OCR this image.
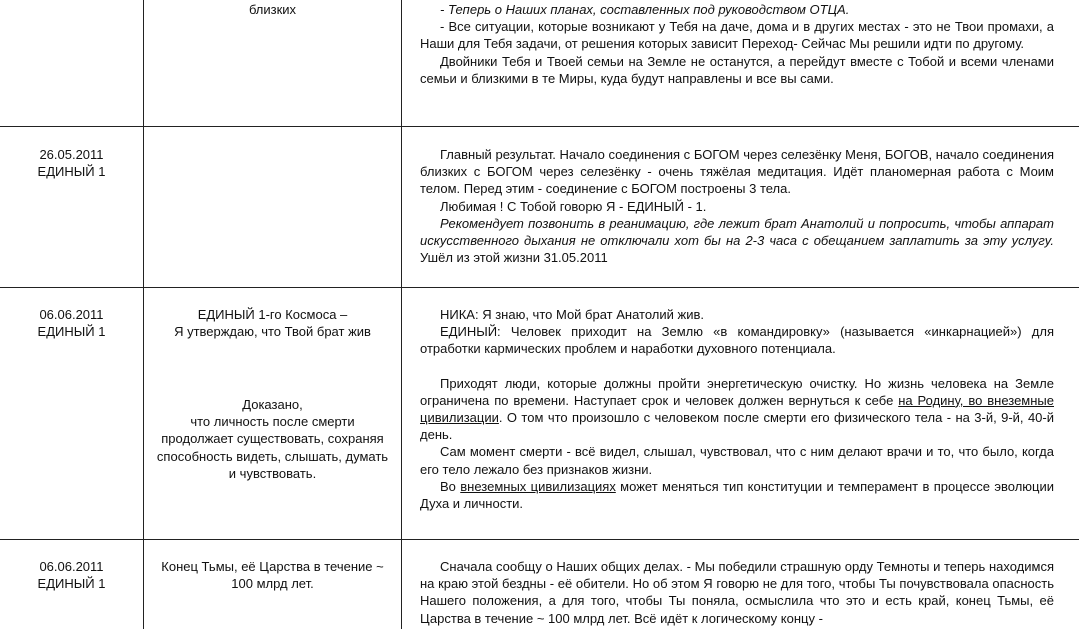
близких	- Теперь о Наших планах, составленных под руководством ОТЦА.
- Все ситуации, которые возникают у Тебя на даче, дома и в других местах - это не Твои промахи, а Наши для Тебя задачи, от решения которых зависит Переход- Сейчас Мы решили идти по другому.
Двойники Тебя и Твоей семьи на Земле не останутся, а перейдут вместе с Тобой и всеми членами семьи и близкими в те Миры, куда будут направлены и все вы сами.
26.05.2011
ЕДИНЫЙ 1
Главный результат. Начало соединения с БОГОМ через селезёнку Меня, БОГОВ, начало соединения близких с БОГОМ через селезёнку - очень тяжёлая медитация. Идёт планомерная работа с Моим телом. Перед этим - соединение с БОГОМ построены 3 тела.
Любимая ! С Тобой говорю Я - ЕДИНЫЙ - 1.
Рекомендует позвонить в реанимацию, где лежит брат Анатолий и попросить, чтобы аппарат искусственного дыхания не отключали хот бы на 2-3 часа с обещанием заплатить за эту услугу. Ушёл из этой жизни 31.05.2011
06.06.2011
ЕДИНЫЙ 1
ЕДИНЫЙ 1-го Космоса –
Я утверждаю, что Твой брат жив
Доказано,
что личность после смерти
продолжает существовать, сохраняя
способность видеть, слышать, думать
и чувствовать.
НИКА: Я знаю, что Мой брат Анатолий жив.
ЕДИНЫЙ: Человек приходит на Землю «в командировку» (называется «инкарнацией») для отработки кармических проблем и наработки духовного потенциала.
Приходят люди, которые должны пройти энергетическую очистку. Но жизнь человека на Земле ограничена по времени. Наступает срок и человек должен вернуться к себе на Родину, во внеземные цивилизации. О том что произошло с человеком после смерти его физического тела - на 3-й, 9-й, 40-й день.
Сам момент смерти - всё видел, слышал, чувствовал, что с ним делают врачи и то, что было, когда его тело лежало без признаков жизни.
Во внеземных цивилизациях может меняться тип конституции и темперамент в процессе эволюции Духа и личности.
06.06.2011
ЕДИНЫЙ 1
Конец Тьмы, её Царства в течение ~
100 млрд лет.
Сначала сообщу о Наших общих делах. - Мы победили страшную орду Темноты и теперь находимся на краю этой бездны - её обители. Но об этом Я говорю не для того, чтобы Ты почувствовала опасность Нашего положения, а для того, чтобы Ты поняла, осмыслила что это и есть край, конец Тьмы, её Царства в течение ~ 100 млрд лет. Всё идёт к логическому концу -
